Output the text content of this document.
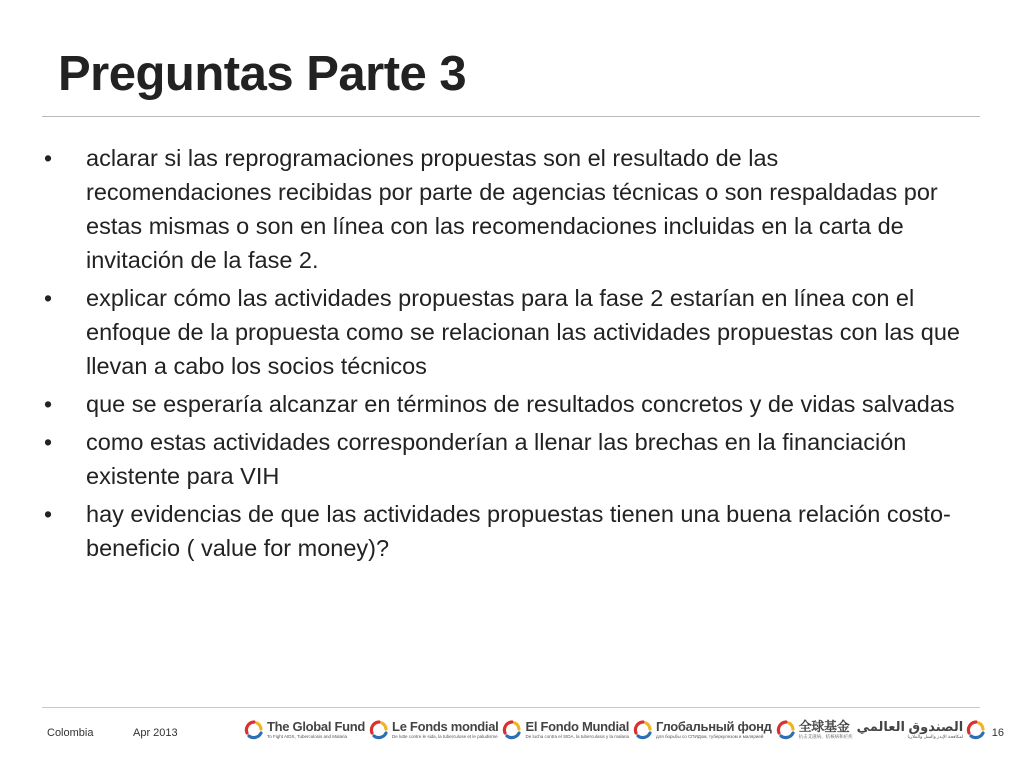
Preguntas Parte 3
• aclarar si las reprogramaciones propuestas son el resultado de las recomendaciones recibidas por parte de agencias técnicas o son respaldadas por estas mismas o son en línea con las recomendaciones incluidas en la carta de invitación de la fase 2.
• explicar cómo las actividades propuestas para la fase 2 estarían en línea con el enfoque de la propuesta como se relacionan las actividades propuestas con las que llevan a cabo los socios técnicos
• que se esperaría alcanzar en términos de resultados concretos y de vidas salvadas
• como estas actividades corresponderían a llenar las brechas en la financiación existente para VIH
• hay evidencias de que las actividades propuestas tienen una buena relación costo- beneficio ( value for money)?
Colombia	Apr 2013	The Global Fund
To Fight AIDS, Tuberculosis and Malaria
Le Fonds mondial
De lutte contre le sida, la tuberculose et le paludisme
El Fondo Mundial
De lucha contra el SIDA, la tuberculosis y la malaria
Глобальный фонд
для борьбы со СПИДом, туберкулезом и малярией
全球基金
抗击艾滋病、结核病和疟疾
الصندوق العالمي
لمكافحة الإيدز والسل والملاريا	16
